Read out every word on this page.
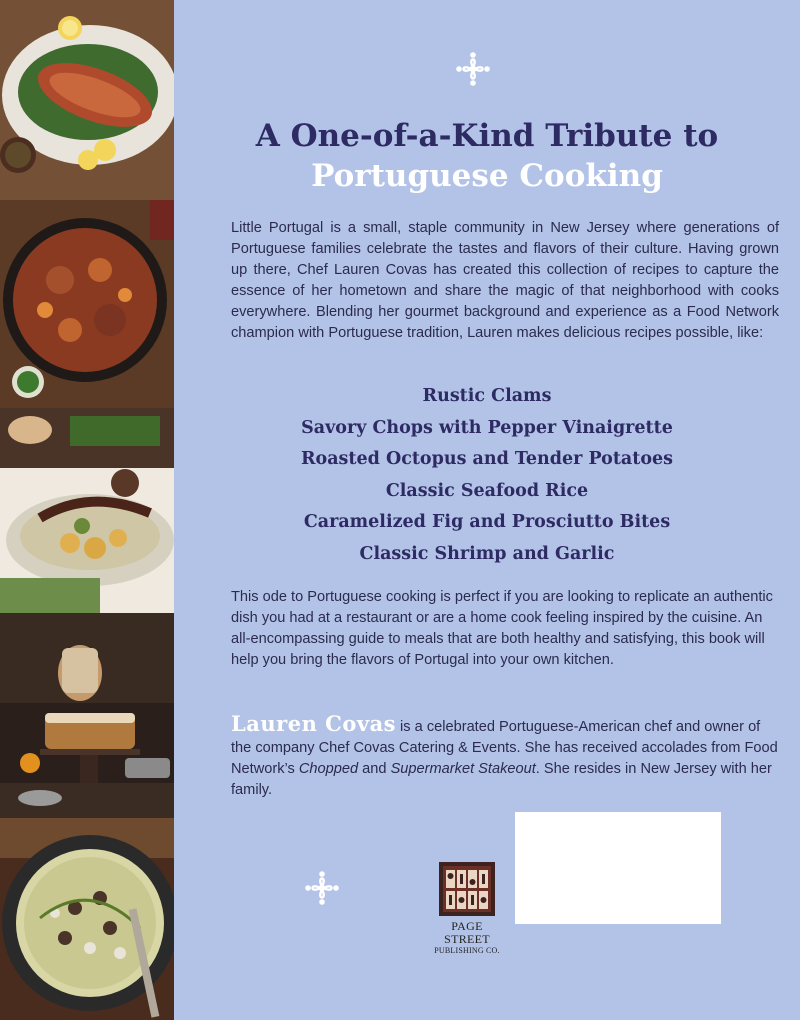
A One-of-a-Kind Tribute to
Portuguese Cooking

Little Portugal is a small, staple community in New Jersey where generations of Portuguese families celebrate the tastes and flavors of their culture. Having grown up there, Chef Lauren Covas has created this collection of recipes to capture the essence of her hometown and share the magic of that neighborhood with cooks everywhere. Blending her gourmet background and experience as a Food Network champion with Portuguese tradition, Lauren makes delicious recipes possible, like:

Rustic Clams
Savory Chops with Pepper Vinaigrette
Roasted Octopus and Tender Potatoes
Classic Seafood Rice
Caramelized Fig and Prosciutto Bites
Classic Shrimp and Garlic

This ode to Portuguese cooking is perfect if you are looking to replicate an authentic dish you had at a restaurant or are a home cook feeling inspired by the cuisine. An all-encompassing guide to meals that are both healthy and satisfying, this book will help you bring the flavors of Portugal into your own kitchen.

Lauren Covas is a celebrated Portuguese-American chef and owner of the company Chef Covas Catering & Events. She has received accolades from Food Network’s Chopped and Supermarket Stakeout. She resides in New Jersey with her family.

PAGE STREET
PUBLISHING CO.
